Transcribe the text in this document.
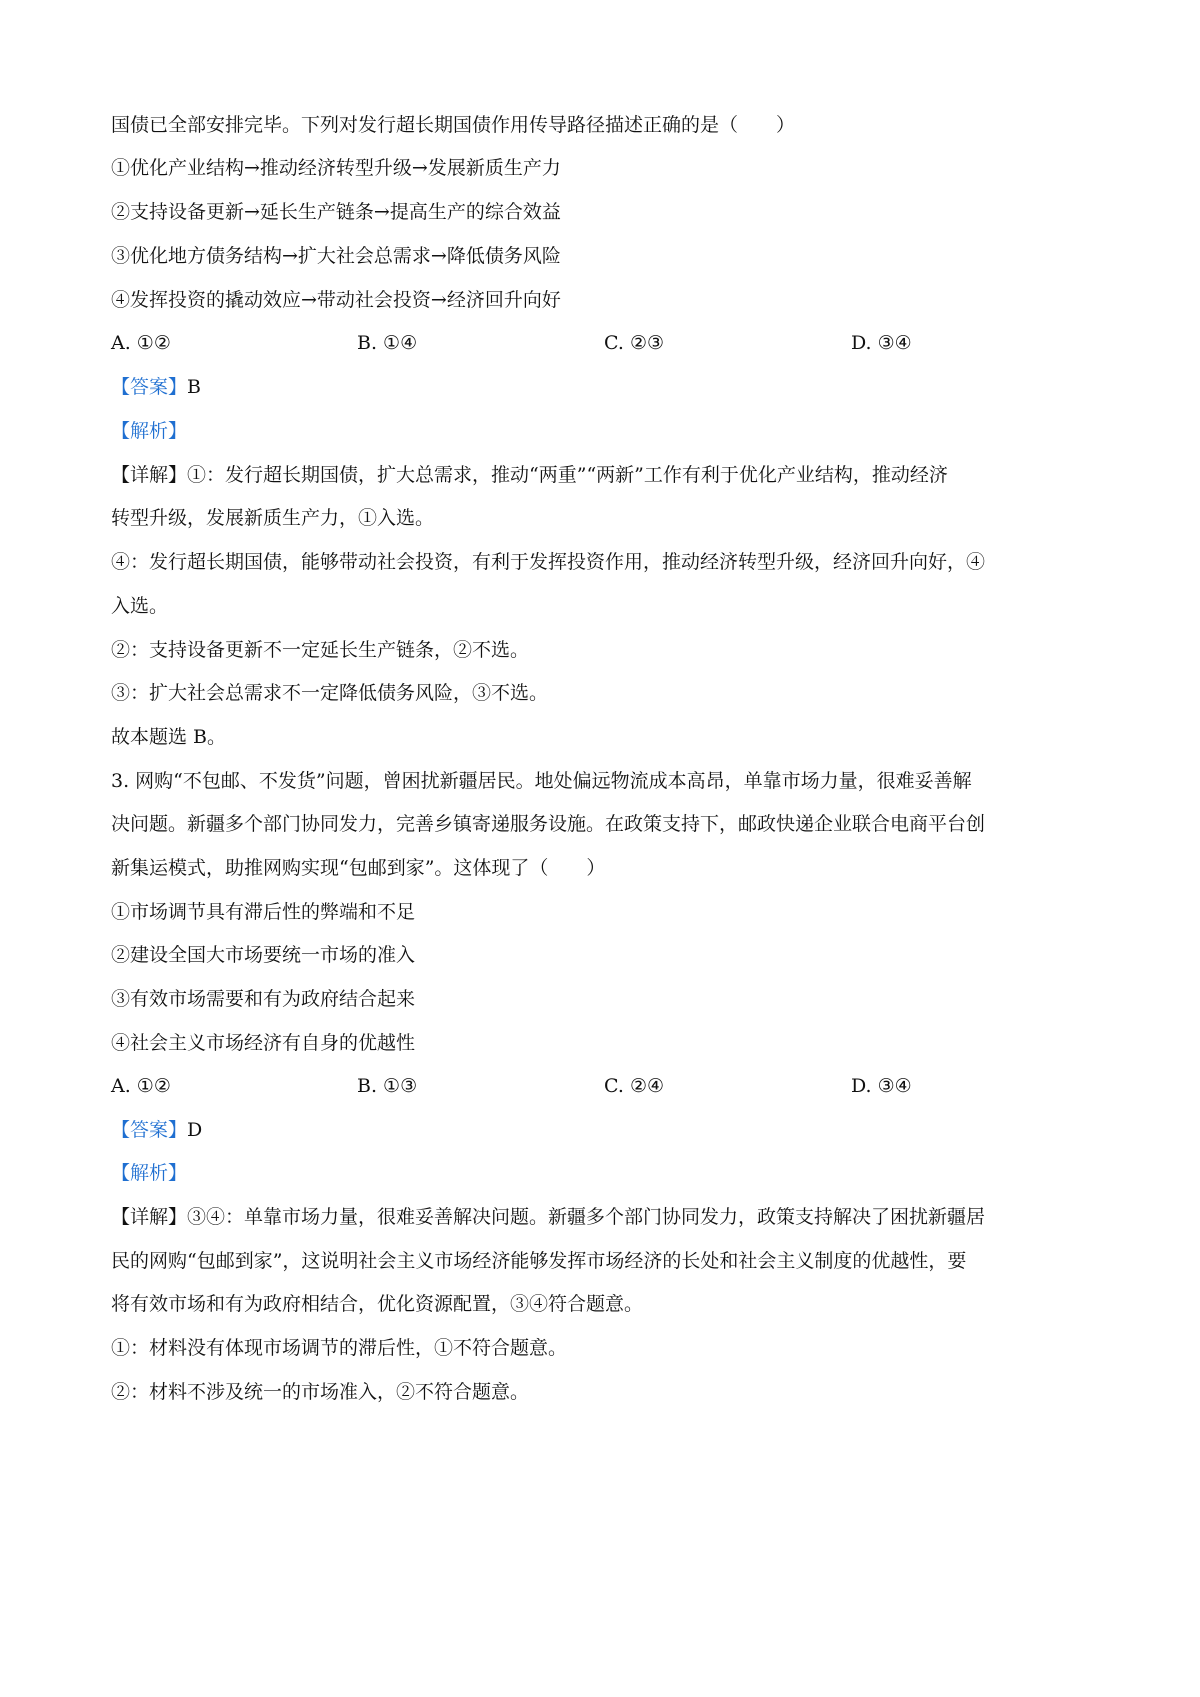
国债已全部安排完毕。下列对发行超长期国债作用传导路径描述正确的是（　　）
①优化产业结构→推动经济转型升级→发展新质生产力
②支持设备更新→延长生产链条→提高生产的综合效益
③优化地方债务结构→扩大社会总需求→降低债务风险
④发挥投资的撬动效应→带动社会投资→经济回升向好
A. ①②	B. ①④	C. ②③	D. ③④
【答案】B
【解析】
【详解】①：发行超长期国债，扩大总需求，推动“两重”“两新”工作有利于优化产业结构，推动经济
转型升级，发展新质生产力，①入选。
④：发行超长期国债，能够带动社会投资，有利于发挥投资作用，推动经济转型升级，经济回升向好，④
入选。
②：支持设备更新不一定延长生产链条，②不选。
③：扩大社会总需求不一定降低债务风险，③不选。
故本题选 B。
3. 网购“不包邮、不发货”问题，曾困扰新疆居民。地处偏远物流成本高昂，单靠市场力量，很难妥善解
决问题。新疆多个部门协同发力，完善乡镇寄递服务设施。在政策支持下，邮政快递企业联合电商平台创
新集运模式，助推网购实现“包邮到家”。这体现了（　　）
①市场调节具有滞后性的弊端和不足
②建设全国大市场要统一市场的准入
③有效市场需要和有为政府结合起来
④社会主义市场经济有自身的优越性
A. ①②	B. ①③	C. ②④	D. ③④
【答案】D
【解析】
【详解】③④：单靠市场力量，很难妥善解决问题。新疆多个部门协同发力，政策支持解决了困扰新疆居
民的网购“包邮到家”，这说明社会主义市场经济能够发挥市场经济的长处和社会主义制度的优越性，要
将有效市场和有为政府相结合，优化资源配置，③④符合题意。
①：材料没有体现市场调节的滞后性，①不符合题意。
②：材料不涉及统一的市场准入，②不符合题意。
